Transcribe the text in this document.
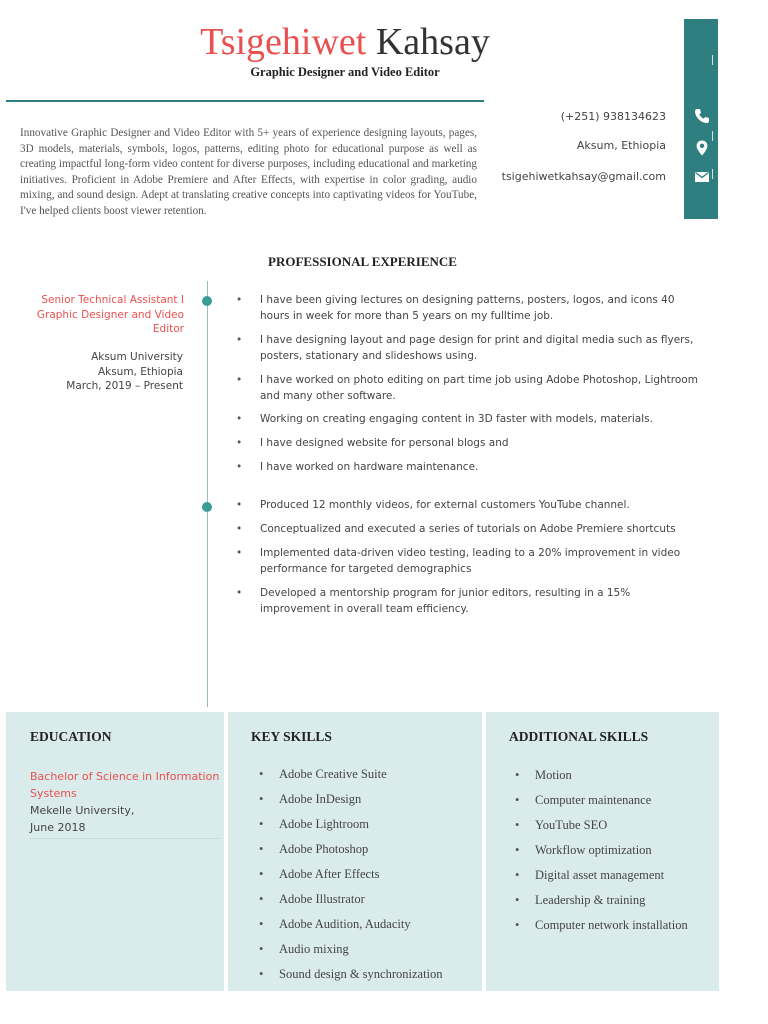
Tsigehiwet Kahsay
Graphic Designer and Video Editor
(+251) 938134623
Aksum, Ethiopia
tsigehiwetkahsay@gmail.com
Innovative Graphic Designer and Video Editor with 5+ years of experience designing layouts, pages, 3D models, materials, symbols, logos, patterns, editing photo for educational purpose as well as creating impactful long-form video content for diverse purposes, including educational and marketing initiatives. Proficient in Adobe Premiere and After Effects, with expertise in color grading, audio mixing, and sound design. Adept at translating creative concepts into captivating videos for YouTube, I've helped clients boost viewer retention.
PROFESSIONAL EXPERIENCE
Senior Technical Assistant I Graphic Designer and Video Editor
Aksum University
Aksum, Ethiopia
March, 2019 – Present
• I have been giving lectures on designing patterns, posters, logos, and icons 40 hours in week for more than 5 years on my fulltime job.
• I have designing layout and page design for print and digital media such as flyers, posters, stationary and slideshows using.
• I have worked on photo editing on part time job using Adobe Photoshop, Lightroom and many other software.
• Working on creating engaging content in 3D faster with models, materials.
• I have designed website for personal blogs and
• I have worked on hardware maintenance.
• Produced 12 monthly videos, for external customers YouTube channel.
• Conceptualized and executed a series of tutorials on Adobe Premiere shortcuts
• Implemented data-driven video testing, leading to a 20% improvement in video performance for targeted demographics
• Developed a mentorship program for junior editors, resulting in a 15% improvement in overall team efficiency.
EDUCATION
Bachelor of Science in Information Systems
Mekelle University,
June 2018
KEY SKILLS
• Adobe Creative Suite
• Adobe InDesign
• Adobe Lightroom
• Adobe Photoshop
• Adobe After Effects
• Adobe Illustrator
• Adobe Audition, Audacity
• Audio mixing
• Sound design & synchronization
ADDITIONAL SKILLS
• Motion
• Computer maintenance
• YouTube SEO
• Workflow optimization
• Digital asset management
• Leadership & training
• Computer network installation
